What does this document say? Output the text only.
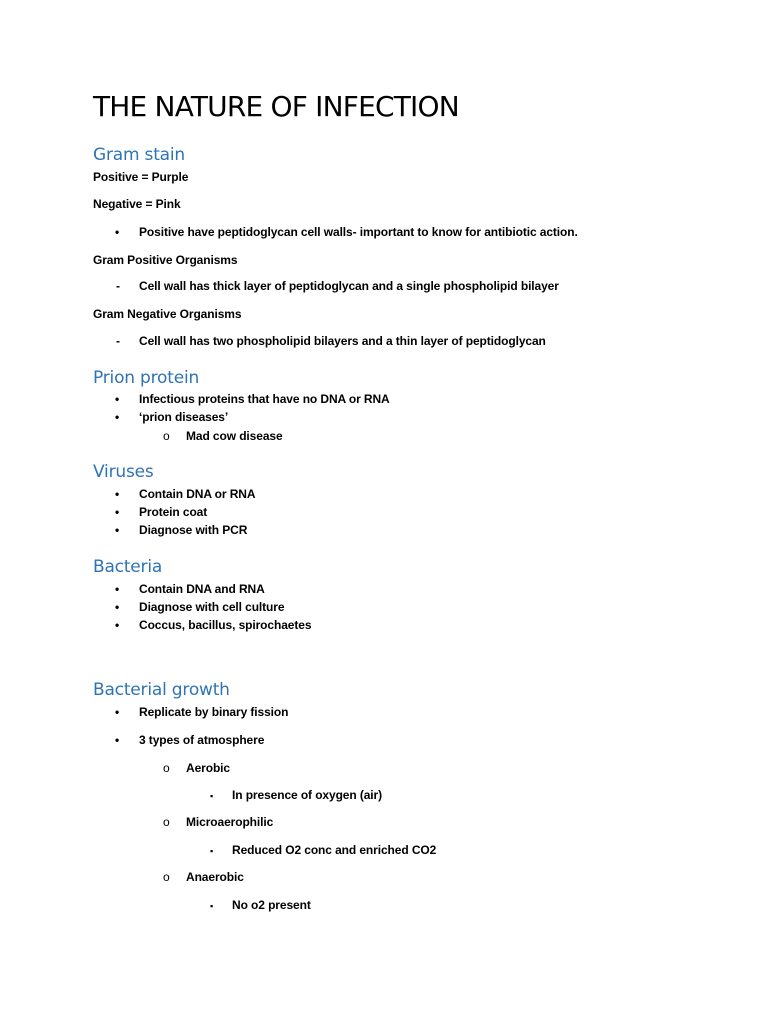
THE NATURE OF INFECTION
Gram stain
Positive = Purple
Negative = Pink
• Positive have peptidoglycan cell walls- important to know for antibiotic action.
Gram Positive Organisms
- Cell wall has thick layer of peptidoglycan and a single phospholipid bilayer
Gram Negative Organisms
- Cell wall has two phospholipid bilayers and a thin layer of peptidoglycan
Prion protein
• Infectious proteins that have no DNA or RNA
• ‘prion diseases’
o Mad cow disease
Viruses
• Contain DNA or RNA
• Protein coat
• Diagnose with PCR
Bacteria
• Contain DNA and RNA
• Diagnose with cell culture
• Coccus, bacillus, spirochaetes
Bacterial growth
• Replicate by binary fission
• 3 types of atmosphere
o Aerobic
▪ In presence of oxygen (air)
o Microaerophilic
▪ Reduced O2 conc and enriched CO2
o Anaerobic
▪ No o2 present
